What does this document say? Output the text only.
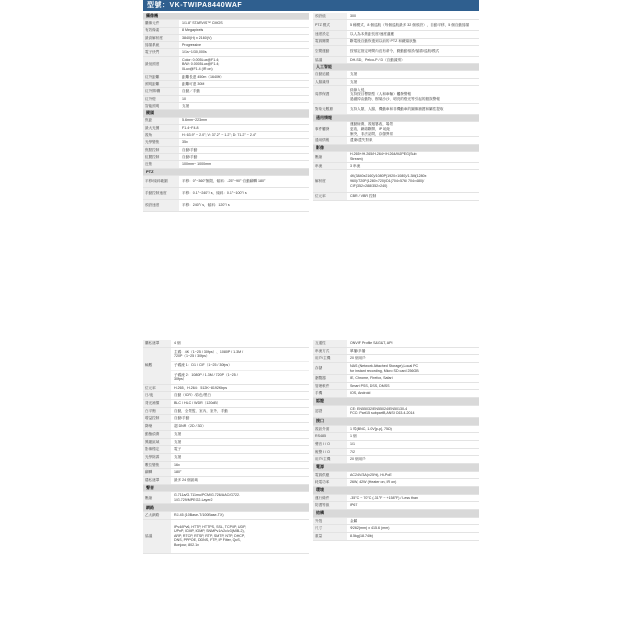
型號：VK-TWIPA8440WAF
攝像機
攝像元件	1/1.8" STARVIS™ CMOS
有效像素	8 Megapixels
最高解析度	3840(H) x 2160(V)
掃描系統	Progressive
電子快門	1/1s~1/30,000s
最低照度
Color: 0.005Lux@F1.4;
B/W: 0.0005Lux@F1.4;
0Lux@F1.4 (IR on)
紅外距離	距離長達 450m（1640ft）
照明距離	距離可達 30M
紅外開/關	自動／手動
紅外燈	10
智能照明	支援
鏡頭
焦距	5.6mm~223mm
最大光圈	F1.4~F4.8
視角	H: 63.9° ~ 2.0°; V: 37.2° ~ 1.2°; D: 71.2° ~ 2.4°
光學變焦	35x
焦點控制	自動/手動
虹膜控制	自動/手動
近焦	100mm~ 1000mm
PTZ
平移/傾斜範圍	平移：0°~360°無限，傾斜：-25°~90°·自動翻轉 180°
手動控制速度	平移：0.1°~240°/ s，傾斜：0.1°~100°/ s
預設速度	平移：240°/ s，傾斜：120°/ s
預設值	300
PTZ 模式	5 種模式，8 個巡航（每個巡航最多 32 個預設），自動平移，5 個自動掃描
速度設定	以人為本焦距長度/速度適應
電源關閉	斷電後自動恢復到以前的 PTZ 和鏡頭狀態
空閒運動	按預定指定時間內沒有命令，勤動動預設/掃描/巡航/模式
協議	DH-SD，Pelco-P / D（自動識別）
人工智能
自動追蹤	支援
人臉識別	支援
周界保護
絆線入侵，
支持按目標類型（人和車輛）觸發警報
過濾掉由動物、樹葉沙沙、明亮的燈光等引起的錯誤警報
對象元數據	支持人類，人臉，機動車和非機動車的圖像捕獲和屬性提取
通用情報
事件觸發
運動檢測，視頻篡改，場景
更改，網絡斷開，IP 地址
衝突，非法訪問，存儲異常
通用情報	遺棄/遺失對象
影像
壓縮
H.265+/H.265/H.264+/H.264/MJPEG(Sub
Stream)
串流	3 串流
解析度
4K(3840x2160)/1080P(1920×1080)/1.3M(1280x
960)/720P(1280×720)/D1(704×576/ 704×480)/
CIF(352×288/352×240)
位元率	CBR / VBR 控制
攝私遮罩	4 個
輸數
主碼：4K（1~25 / 30fps）、1080P / 1.3M /
720P（1~25 / 30fps）
子碼流 1：D1 / CIF（1~25 / 30fps）
子碼流 2：1080P / 1.3M / 720P（1~25 /
30fps）
位元率	H.265，H.264：512K~8192Kbps
日/夜	自動（ICR）/彩色/黑白
背光補償	BLC / HLC / WDR（120dB）
白平衡	自動，全景監，室內，室外，手動
增益控制	自動/手動
降噪	超 DNR（2D / 3D）
動態偵測	支援
興趣區域	支援
影像穩定	電子
光學除霧	支援
數位變焦	16x
翻轉	180°
隱私遮罩	最多 24 個區域
聲音
壓縮
G.711a/G.711mu/PCM/G.726/AAC/G722.
1/G.729/MPEG2-Layer2
網路
乙太網路	RJ-45 (10Base-T/100Base-TX)
協議
IPv4/IPv6, HTTP, HTTPS, SSL, TCP/IP, UDP,
UPnP, ICMP, IGMP, SNMPv1/v2c/v3(MIB-2),
ARP, RTCP, RTSP, RTP, SMTP, NTP, DHCP,
DNS, PPPOE, DDNS, FTP, IP Filter, QoS,
Bonjour, 802.1x
互通性	ONVIF Profile S&G&T, API
串流方式	單播/多播
用戶/主機	20 個用戶
存儲
NAS (Network Attached Storage),Local PC
for instant recording, Micro SD card 256GB
瀏覽器	IE, Chrome, Firefox, Safari
管理軟件	Smart PSS, DSS, DMSS
手機	IOS, Android
認證
認證
CE: EN55032/EN55024/EN50130-4
FCC: Part15 subpartB,ANSI C63.4-2014
接口
視訊介面	1 埠(BNC, 1.0V[p-p], 75Ω)
RS485	1 個
聲音 I / O	1/1
報警 I / O	7/2
用戶/主機	20 個用戶
電源
電源供應	AC24V/3A(±25%), Hi-PoE
耗電功率	26W, 42W (Heater on, IR on)
環境
運行條件	-35°C ~ 70°C (-31°F ~ +158°F) / Less than
防護等級	IP67
結構
外殼	金屬
尺寸	Φ262(mm) x 415.6 (mm)
重量	8.5kg(18.74lb)
